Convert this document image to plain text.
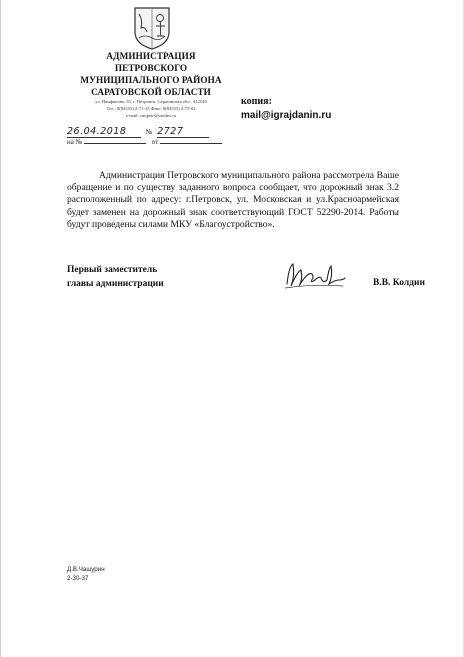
АДМИНИСТРАЦИЯ
ПЕТРОВСКОГО
МУНИЦИПАЛЬНОГО РАЙОНА
САРАТОВСКОЙ ОБЛАСТИ
ул. Панфилова, 55, г. Петровск, Саратовская обл., 412540
Тел.: 8(84555) 2-71-33 Факс: 8(84555) 2-75-02
e-mail: cnopetr@yandex.ru
копия:
mail@igrajdanin.ru
26.04.2018	№ 2727
на №	от

Администрация Петровского муниципального района рассмотрела Ваше обращение и по существу заданного вопроса сообщает, что дорожный знак 3.2 расположенный по адресу: г.Петровск, ул. Московская и ул.Красноармейская будет заменен на дорожный знак соответствующий ГОСТ 52290-2014. Работы будут проведены силами МКУ «Благоустройство».

Первый заместитель
главы администрации	В.В. Колдин
Д.В.Чашурин
2-30-37
